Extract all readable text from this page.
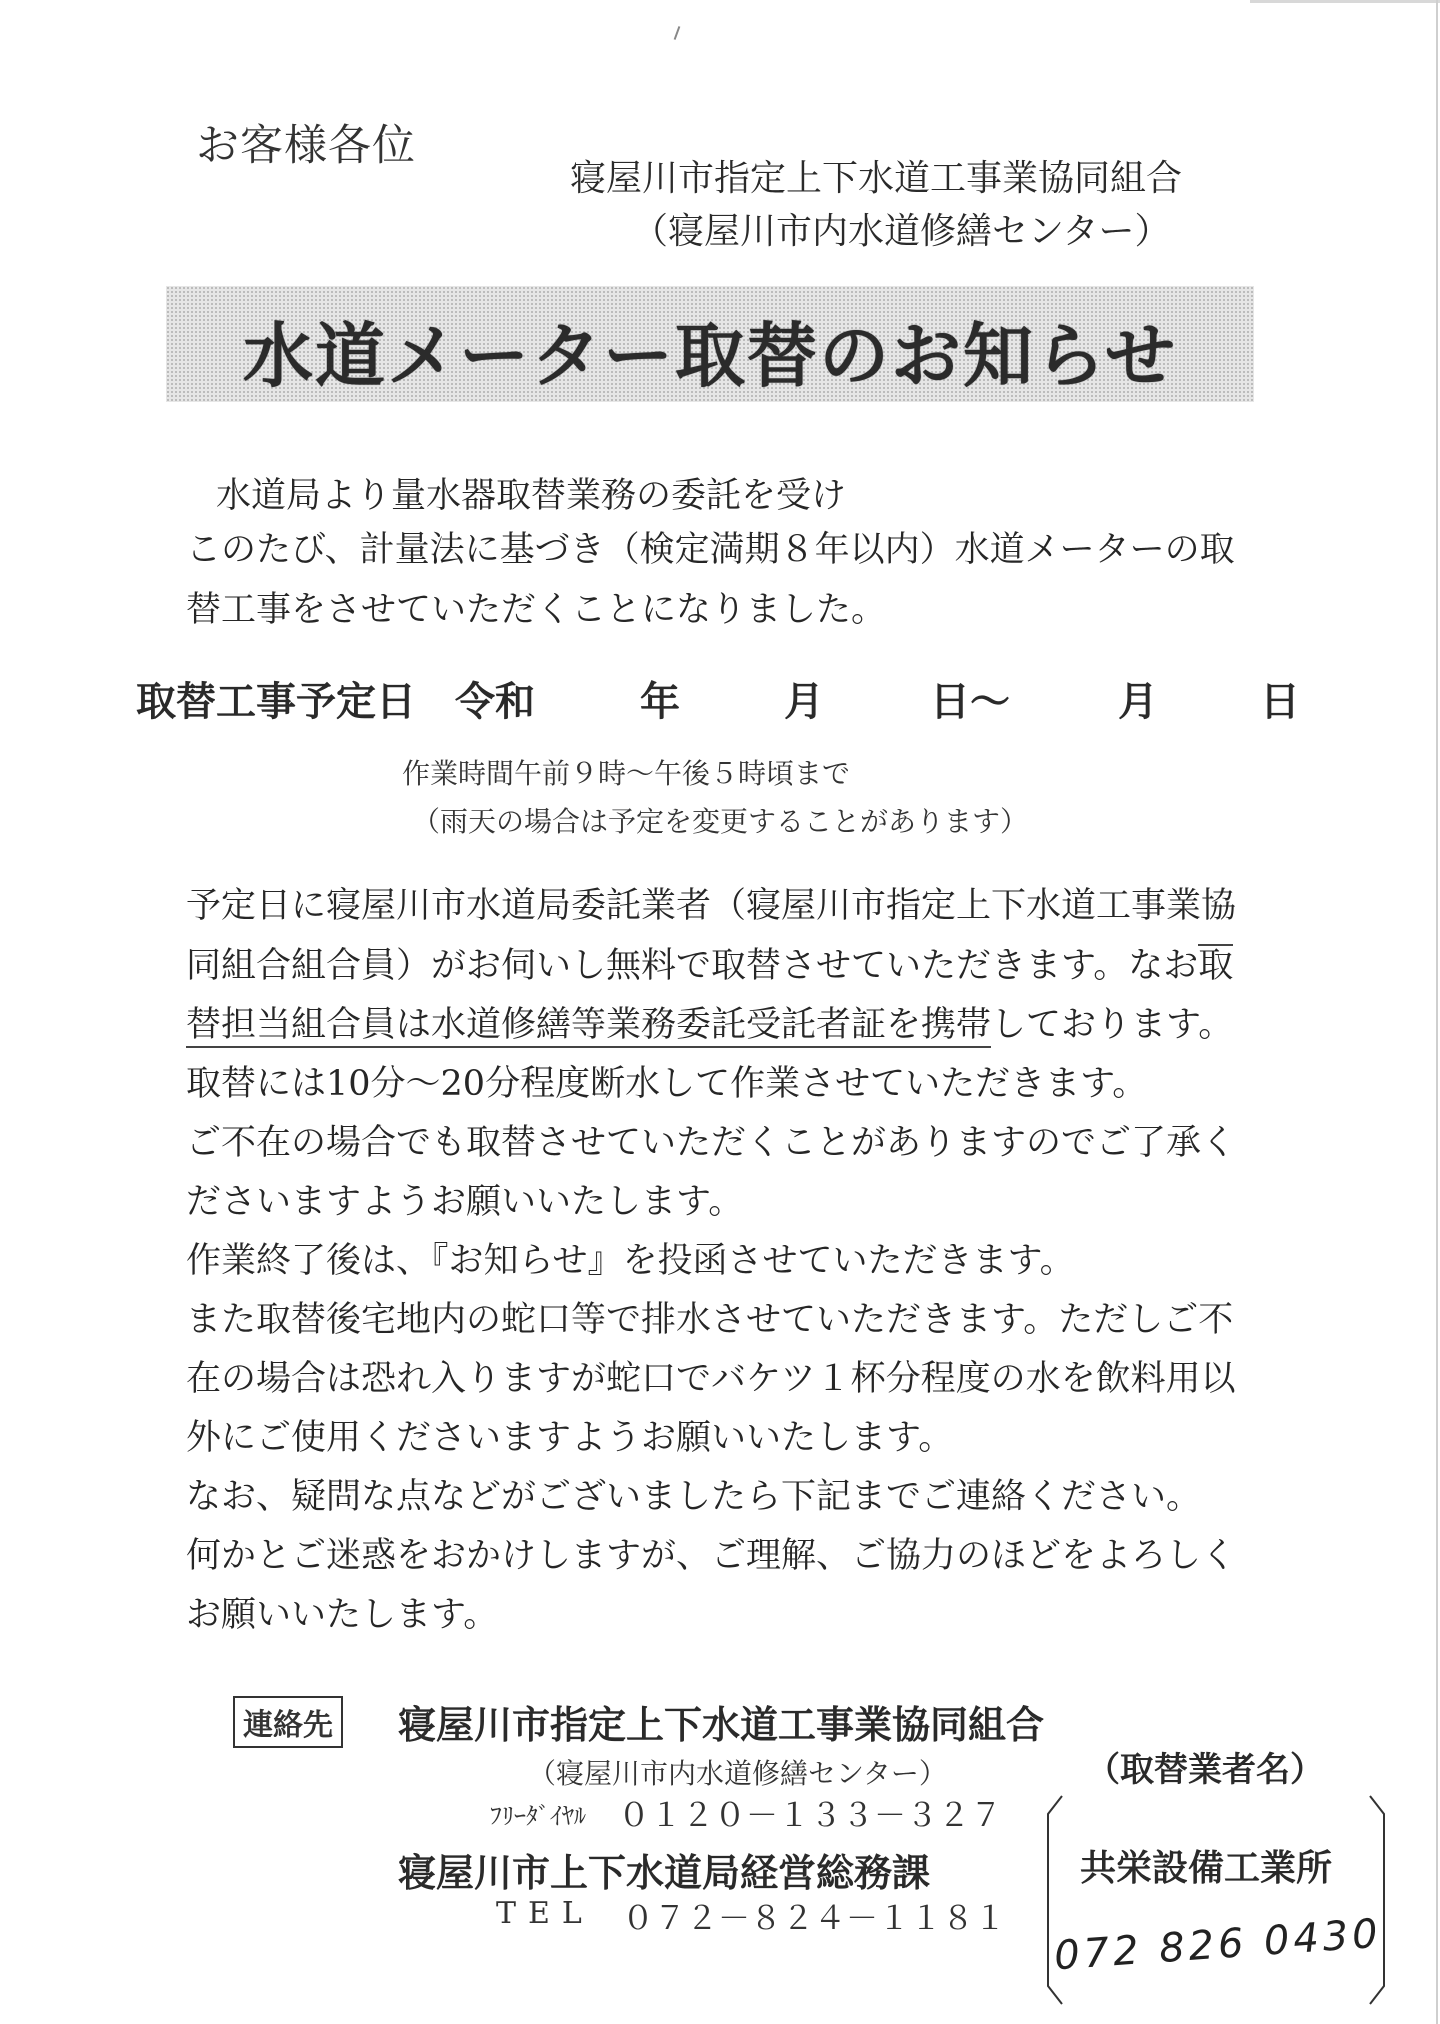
お客様各位
寝屋川市指定上下水道工事業協同組合
（寝屋川市内水道修繕センター）
水道メーター取替のお知らせ
水道局より量水器取替業務の委託を受け
このたび、計量法に基づき（検定満期８年以内）水道メーターの取
替工事をさせていただくことになりました。
取替工事予定日 令和	年	月	日～	月	日
作業時間午前９時～午後５時頃まで
（雨天の場合は予定を変更することがあります）
予定日に寝屋川市水道局委託業者（寝屋川市指定上下水道工事業協
同組合組合員）がお伺いし無料で取替させていただきます。なお取
替担当組合員は水道修繕等業務委託受託者証を携帯しております。
取替には10分～20分程度断水して作業させていただきます。
ご不在の場合でも取替させていただくことがありますのでご了承く
ださいますようお願いいたします。
作業終了後は、『お知らせ』を投函させていただきます。
また取替後宅地内の蛇口等で排水させていただきます。ただしご不
在の場合は恐れ入りますが蛇口でバケツ１杯分程度の水を飲料用以
外にご使用くださいますようお願いいたします。
なお、疑問な点などがございましたら下記までご連絡ください。
何かとご迷惑をおかけしますが、ご理解、ご協力のほどをよろしく
お願いいたします。
連絡先 寝屋川市指定上下水道工事業協同組合
（寝屋川市内水道修繕センター）
ﾌﾘｰﾀﾞｲﾔﾙ ０１２０－１３３－３２７
寝屋川市上下水道局経営総務課
TEL ０７２－８２４－１１８１
（取替業者名）
共栄設備工業所
072 826 0430
